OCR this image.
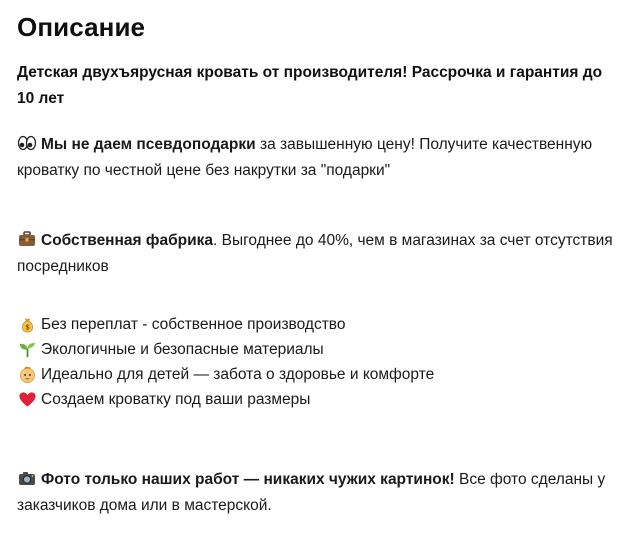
Описание
Детская двухъярусная кровать от производителя! Рассрочка и гарантия до 10 лет
Мы не даем псевдоподарки за завышенную цену! Получите качественную кроватку по честной цене без накрутки за "подарки"
Собственная фабрика. Выгоднее до 40%, чем в магазинах за счет отсутствия посредников
$ Без переплат - собственное производство
Экологичные и безопасные материалы
Идеально для детей — забота о здоровье и комфорте
Создаем кроватку под ваши размеры
Фото только наших работ — никаких чужих картинок! Все фото сделаны у заказчиков дома или в мастерской.
